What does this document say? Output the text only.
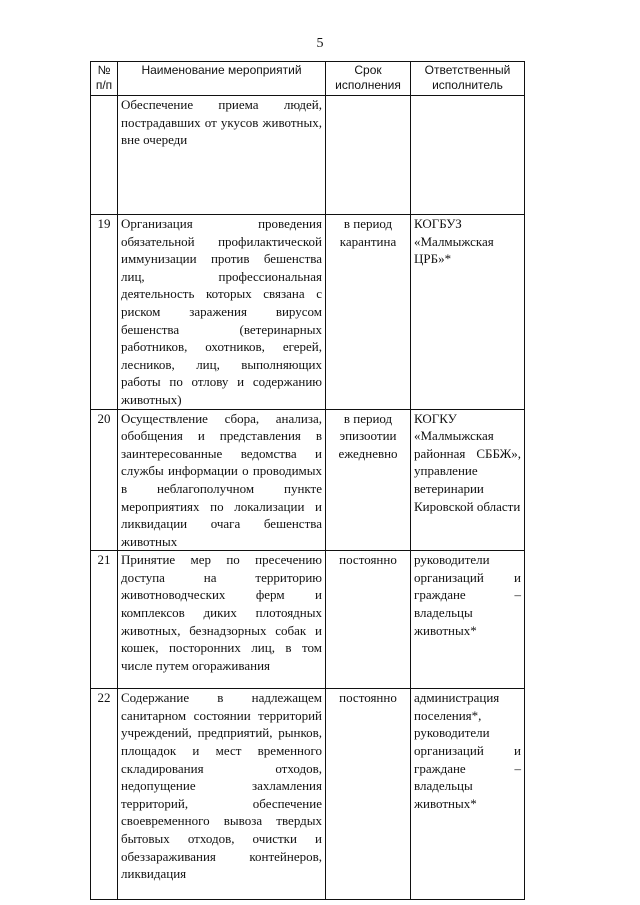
5
№ п/п	Наименование мероприятий	Срок исполнения	Ответственный исполнитель
	Обеспечение приема людей, пострадавших от укусов животных, вне очереди		
19	Организация проведения обязательной профилактической иммунизации против бешенства лиц, профессиональная деятельность которых связана с риском заражения вирусом бешенства (ветеринарных работников, охотников, егерей, лесников, лиц, выполняющих работы по отлову и содержанию животных)	в период карантина	КОГБУЗ «Малмыжская ЦРБ»*
20	Осуществление сбора, анализа, обобщения и представления в заинтересованные ведомства и службы информации о проводимых в неблагополучном пункте мероприятиях по локализации и ликвидации очага бешенства животных	в период эпизоотии ежедневно	КОГКУ «Малмыжская районная СББЖ», управление ветеринарии Кировской области
21	Принятие мер по пресечению доступа на территорию животноводческих ферм и комплексов диких плотоядных животных, безнадзорных собак и кошек, посторонних лиц, в том числе путем огораживания	постоянно	руководители организаций и граждане – владельцы животных*
22	Содержание в надлежащем санитарном состоянии территорий учреждений, предприятий, рынков, площадок и мест временного складирования отходов, недопущение захламления территорий, обеспечение своевременного вывоза твердых бытовых отходов, очистки и обеззараживания контейнеров, ликвидация	постоянно	администрация поселения*, руководители организаций и граждане – владельцы животных*
